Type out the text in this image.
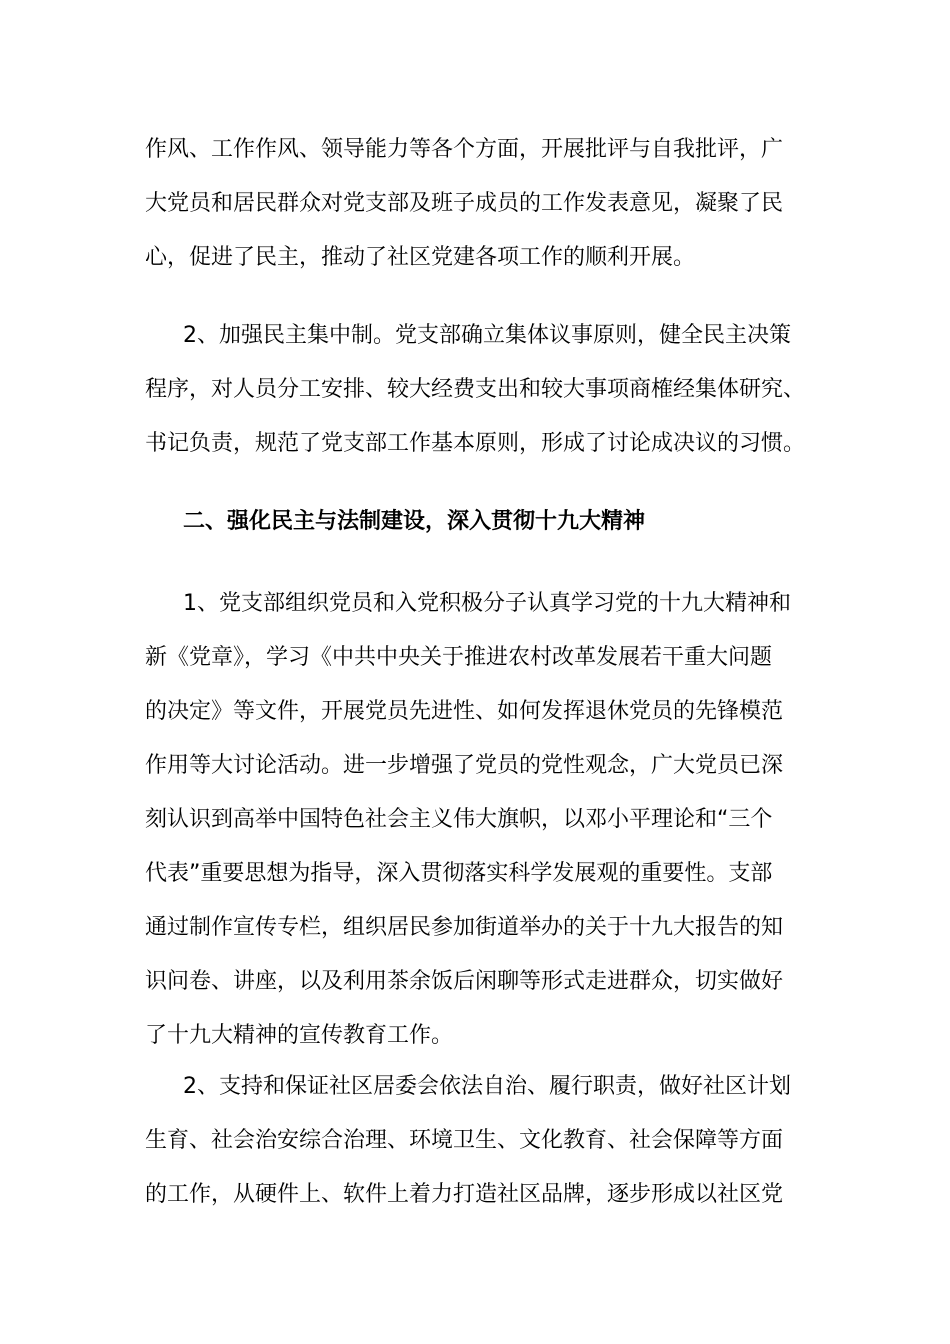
作风、工作作风、领导能力等各个方面，开展批评与自我批评，广
大党员和居民群众对党支部及班子成员的工作发表意见，凝聚了民
心，促进了民主，推动了社区党建各项工作的顺利开展。
2、加强民主集中制。党支部确立集体议事原则，健全民主决策
程序，对人员分工安排、较大经费支出和较大事项商榷经集体研究、
书记负责，规范了党支部工作基本原则，形成了讨论成决议的习惯。
二、强化民主与法制建设，深入贯彻十九大精神
1、党支部组织党员和入党积极分子认真学习党的十九大精神和
新《党章》，学习《中共中央关于推进农村改革发展若干重大问题
的决定》等文件，开展党员先进性、如何发挥退休党员的先锋模范
作用等大讨论活动。进一步增强了党员的党性观念，广大党员已深
刻认识到高举中国特色社会主义伟大旗帜，以邓小平理论和“三个
代表”重要思想为指导，深入贯彻落实科学发展观的重要性。支部
通过制作宣传专栏，组织居民参加街道举办的关于十九大报告的知
识问卷、讲座，以及利用茶余饭后闲聊等形式走进群众，切实做好
了十九大精神的宣传教育工作。
2、支持和保证社区居委会依法自治、履行职责，做好社区计划
生育、社会治安综合治理、环境卫生、文化教育、社会保障等方面
的工作，从硬件上、软件上着力打造社区品牌，逐步形成以社区党
